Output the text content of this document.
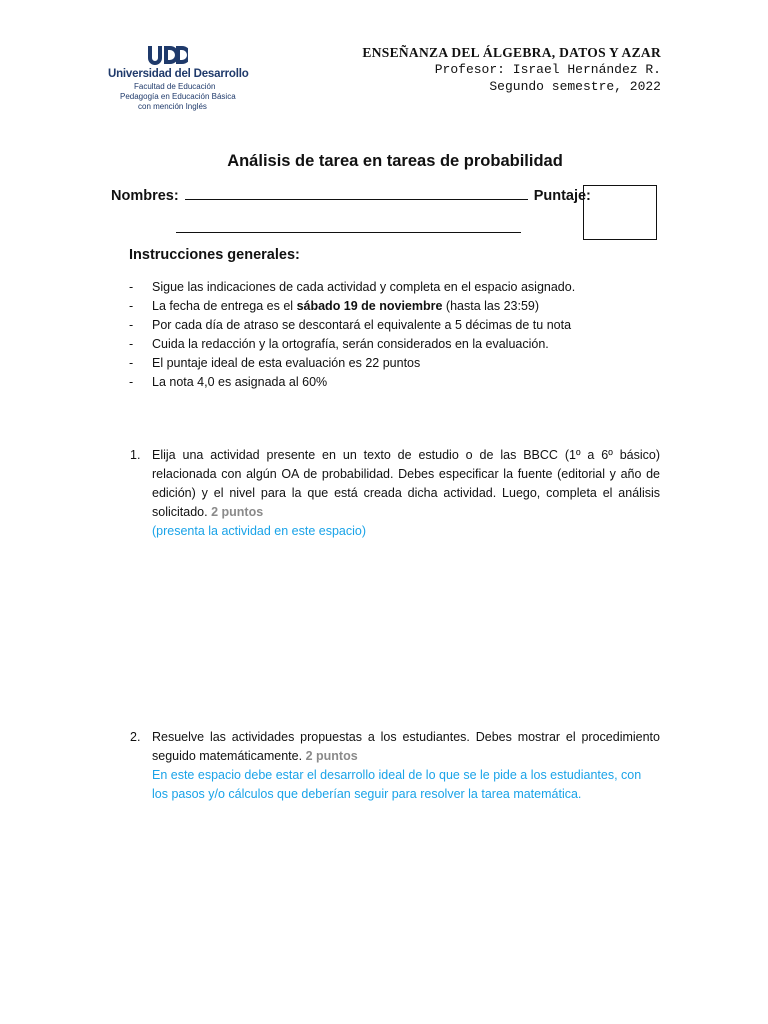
Universidad del Desarrollo
Facultad de Educación
Pedagogía en Educación Básica
con mención Inglés
ENSEÑANZA DEL ÁLGEBRA, DATOS Y AZAR
Profesor: Israel Hernández R.
Segundo semestre, 2022
Análisis de tarea en tareas de probabilidad
Nombres:	Puntaje:
Instrucciones generales:
- Sigue las indicaciones de cada actividad y completa en el espacio asignado.
- La fecha de entrega es el sábado 19 de noviembre (hasta las 23:59)
- Por cada día de atraso se descontará el equivalente a 5 décimas de tu nota
- Cuida la redacción y la ortografía, serán considerados en la evaluación.
- El puntaje ideal de esta evaluación es 22 puntos
- La nota 4,0 es asignada al 60%
1. Elija una actividad presente en un texto de estudio o de las BBCC (1º a 6º básico) relacionada con algún OA de probabilidad. Debes especificar la fuente (editorial y año de edición) y el nivel para la que está creada dicha actividad. Luego, completa el análisis solicitado. 2 puntos
(presenta la actividad en este espacio)
2. Resuelve las actividades propuestas a los estudiantes. Debes mostrar el procedimiento seguido matemáticamente. 2 puntos
En este espacio debe estar el desarrollo ideal de lo que se le pide a los estudiantes, con los pasos y/o cálculos que deberían seguir para resolver la tarea matemática.
